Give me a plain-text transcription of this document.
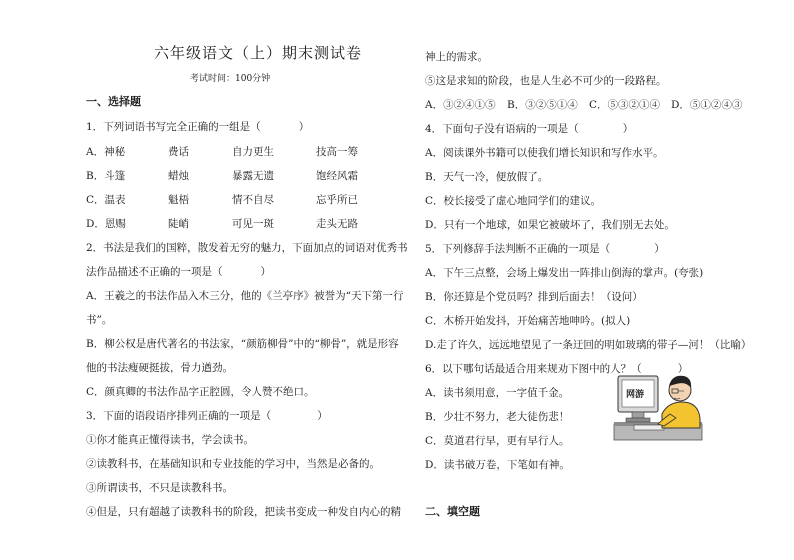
六年级语文（上）期末测试卷
考试时间：100分钟
一、选择题
1．下列词语书写完全正确的一组是（	）
A．神秘	费话	自力更生	技高一筹
B．斗篷	蜡烛	暴露无遗	饱经风霜
C．温表	魁梧	情不自尽	忘乎所已
D．恩赐	陡峭	可见一斑	走头无路
2．书法是我们的国粹，散发着无穷的魅力，下面加点的词语对优秀书
法作品描述不正确的一项是（	）
A．王羲之的书法作品入木三分，他的《兰亭序》被誉为“天下第一行
书”。
B．柳公权是唐代著名的书法家，“颜筋柳骨”中的“柳骨”，就是形容
他的书法瘦硬挺拔，骨力遒劲。
C．颜真卿的书法作品字正腔圆，令人赞不绝口。
3．下面的语段语序排列正确的一项是（	）
①你才能真正懂得读书，学会读书。
②读教科书，在基础知识和专业技能的学习中，当然是必备的。
③所谓读书，不只是读教科书。
④但是，只有超越了读教科书的阶段，把读书变成一种发自内心的精
神上的需求。
⑤这是求知的阶段，也是人生必不可少的一段路程。
A．③②④①⑤ B．③②⑤①④ C．⑤③②①④ D．⑤①②④③
4．下面句子没有语病的一项是（	）
A．阅读课外书籍可以使我们增长知识和写作水平。
B．天气一冷，便放假了。
C．校长接受了虚心地同学们的建议。
D．只有一个地球，如果它被破坏了，我们别无去处。
5．下列修辞手法判断不正确的一项是（	）
A．下午三点整，会场上爆发出一阵排山倒海的掌声。(夸张)
B．你还算是个党员吗？排到后面去！（设问）
C．木桥开始发抖，开始痛苦地呻吟。(拟人)
D.走了许久，远远地望见了一条迂回的明如玻璃的带子—河！（比喻）
6．以下哪句话最适合用来规劝下图中的人？（	）
A．读书须用意，一字值千金。
B．少壮不努力，老大徒伤悲！
C．莫道君行早，更有早行人。
D．读书破万卷，下笔如有神。
二、填空题
网游
